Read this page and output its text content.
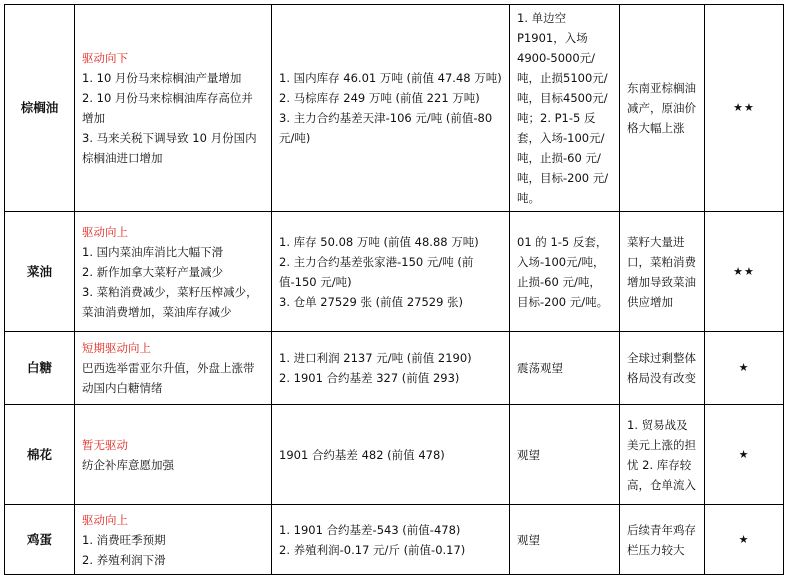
棕榈油	驱动向下
1. 10 月份马来棕榈油产量增加
2. 10 月份马来棕榈油库存高位并增加
3. 马来关税下调导致 10 月份国内棕榈油进口增加	1. 国内库存 46.01 万吨 (前值 47.48 万吨)
2. 马棕库存 249 万吨 (前值 221 万吨)
3. 主力合约基差天津-106 元/吨 (前值-80 元/吨)	1. 单边空 P1901，入场 4900-5000元/吨，止损5100元/吨，目标4500元/吨；2. P1-5 反套，入场-100元/吨，止损-60 元/吨，目标-200 元/吨。	东南亚棕榈油减产，原油价格大幅上涨	★★
菜油	驱动向上
1. 国内菜油库消比大幅下滑
2. 新作加拿大菜籽产量减少
3. 菜粕消费减少，菜籽压榨减少，菜油消费增加，菜油库存减少	1. 库存 50.08 万吨 (前值 48.88 万吨)
2. 主力合约基差张家港-150 元/吨 (前值-150 元/吨)
3. 仓单 27529 张 (前值 27529 张)	01 的 1-5 反套，入场-100元/吨，止损-60 元/吨，目标-200 元/吨。	菜籽大量进口，菜粕消费增加导致菜油供应增加	★★
白糖	短期驱动向上
巴西选举雷亚尔升值，外盘上涨带动国内白糖情绪	1. 进口利润 2137 元/吨 (前值 2190)
2. 1901 合约基差 327 (前值 293)	震荡观望	全球过剩整体格局没有改变	★
棉花	暂无驱动
纺企补库意愿加强	1901 合约基差 482 (前值 478)	观望	1. 贸易战及美元上涨的担忧 2. 库存较高，仓单流入	★
鸡蛋	驱动向上
1. 消费旺季预期
2. 养殖利润下滑	1. 1901 合约基差-543 (前值-478)
2. 养殖利润-0.17 元/斤 (前值-0.17)	观望	后续青年鸡存栏压力较大	★
